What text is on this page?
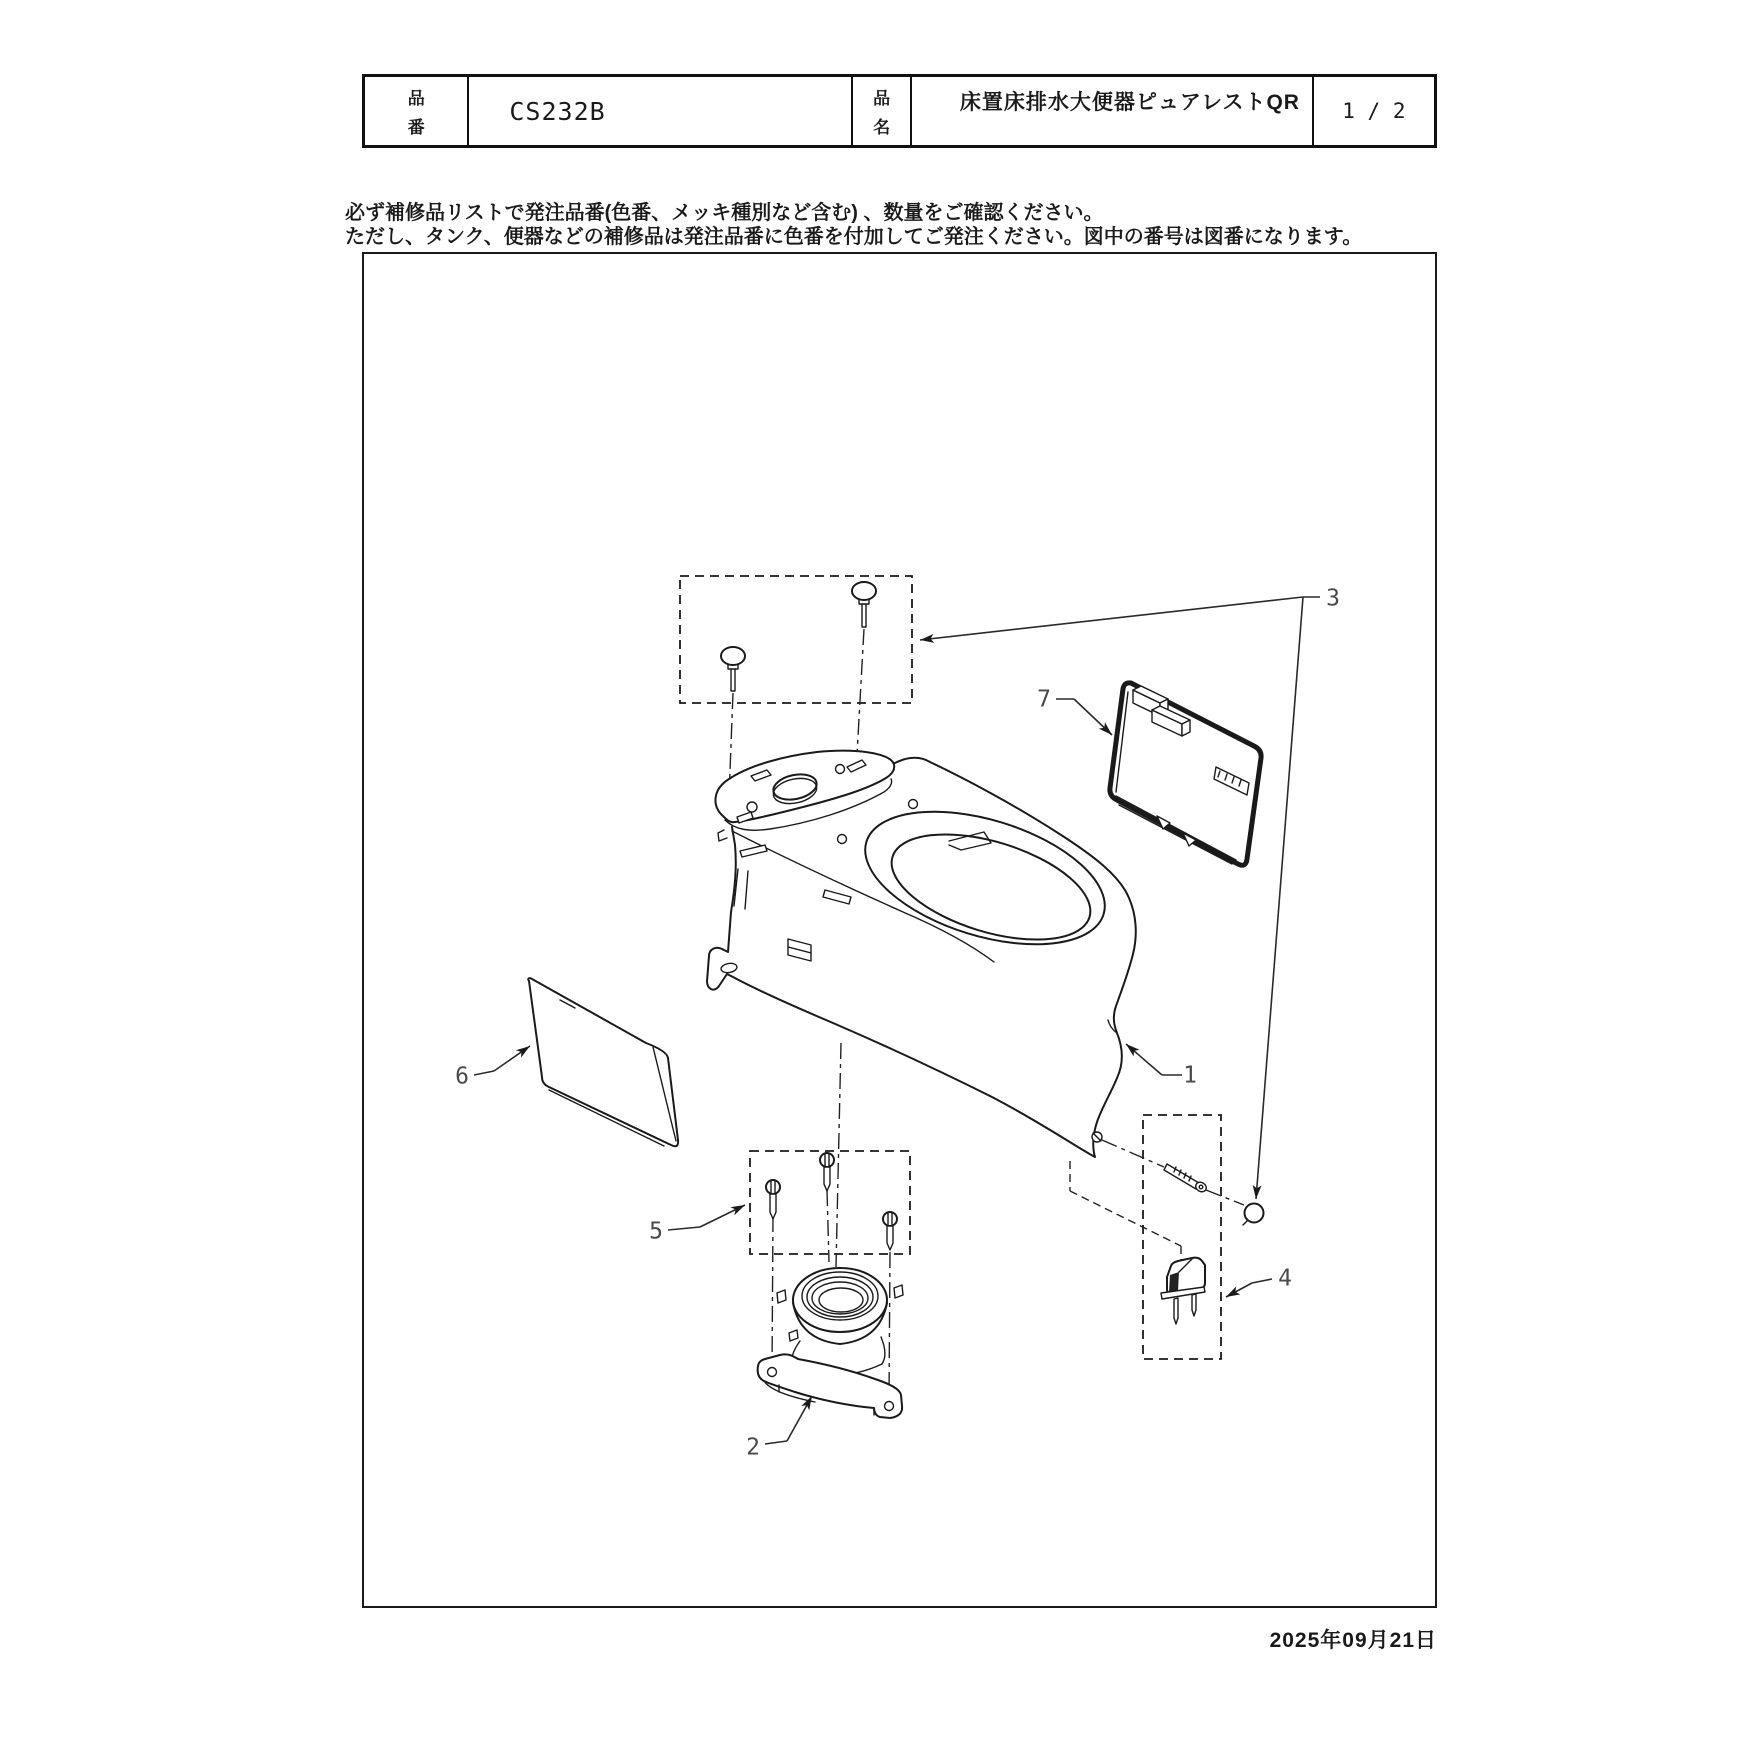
品
番
CS232B	品
名
床置床排水大便器ピュアレストQR	1 / 2
必ず補修品リストで発注品番(色番、メッキ種別など含む) 、数量をご確認ください。
ただし、タンク、便器などの補修品は発注品番に色番を付加してご発注ください。図中の番号は図番になります。
1
2
3
4
5
6
7
2025年09月21日
